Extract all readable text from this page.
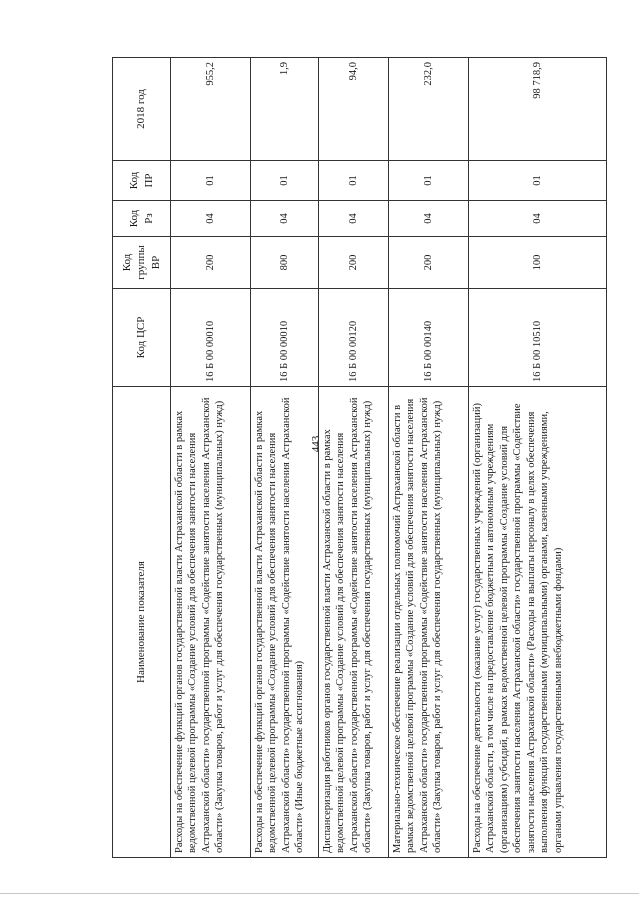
443
Наименование показателя	Код ЦСР	Код группы ВР	Код Рз	Код ПР	2018 год
Расходы на обеспечение функций органов государственной власти Астраханской области в рамках ведомственной целевой программы «Создание условий для обеспечения занятости населения Астраханской области» государственной программы «Содействие занятости населения Астраханской области» (Закупка товаров, работ и услуг для обеспечения государственных (муниципальных) нужд)	16 Б 00 00010	200	04	01	955,2
Расходы на обеспечение функций органов государственной власти Астраханской области в рамках ведомственной целевой программы «Создание условий для обеспечения занятости населения Астраханской области» государственной программы «Содействие занятости населения Астраханской области» (Иные бюджетные ассигнования)	16 Б 00 00010	800	04	01	1,9
Диспансеризация работников органов государственной власти Астраханской области в рамках ведомственной целевой программы «Создание условий для обеспечения занятости населения Астраханской области» государственной программы «Содействие занятости населения Астраханской области» (Закупка товаров, работ и услуг для обеспечения государственных (муниципальных) нужд)	16 Б 00 00120	200	04	01	94,0
Материально-техническое обеспечение реализации отдельных полномочий Астраханской области в рамках ведомственной целевой программы «Создание условий для обеспечения занятости населения Астраханской области» государственной программы «Содействие занятости населения Астраханской области» (Закупка товаров, работ и услуг для обеспечения государственных (муниципальных) нужд)	16 Б 00 00140	200	04	01	232,0
Расходы на обеспечение деятельности (оказание услуг) государственных учреждений (организаций) Астраханской области, в том числе на предоставление бюджетным и автономным учреждениям (организациям) субсидий, в рамках ведомственной целевой программы «Создание условий для обеспечения занятости населения Астраханской области» государственной программы «Содействие занятости населения Астраханской области» (Расходы на выплаты персоналу в целях обеспечения выполнения функций государственными (муниципальными) органами, казенными учреждениями, органами управления государственными внебюджетными фондами)	16 Б 00 10510	100	04	01	98 718,9
